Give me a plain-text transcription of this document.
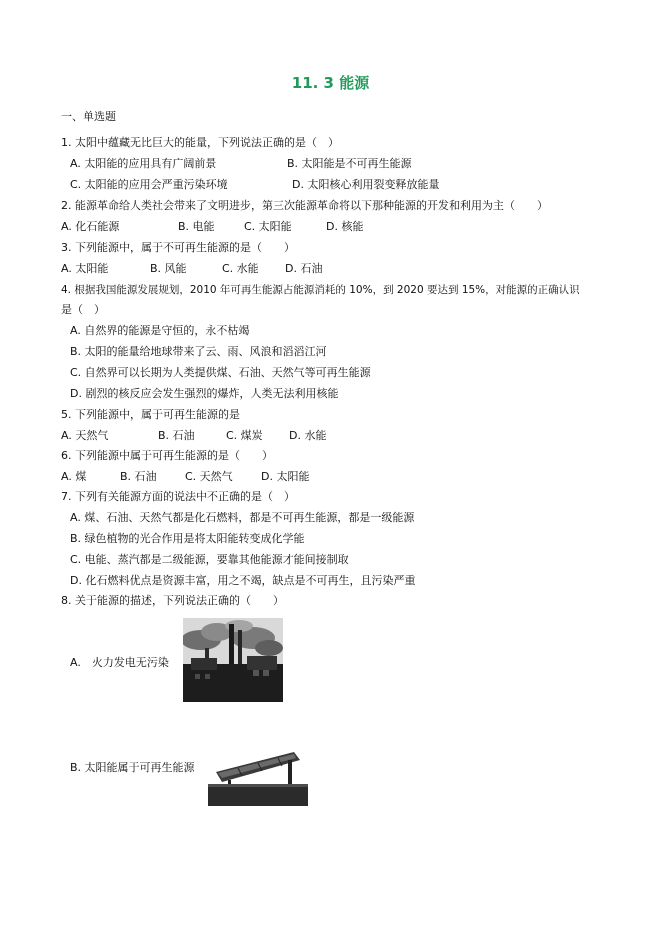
11. 3 能源
一、单选题
1. 太阳中蕴藏无比巨大的能量，下列说法正确的是（　）
A. 太阳能的应用具有广阔前景	B. 太阳能是不可再生能源
C. 太阳能的应用会严重污染环境	D. 太阳核心利用裂变释放能量
2. 能源革命给人类社会带来了文明进步，第三次能源革命将以下那种能源的开发和利用为主（　　）
A. 化石能源	B. 电能	C. 太阳能	D. 核能
3. 下列能源中，属于不可再生能源的是（　　）
A. 太阳能	B. 风能	C. 水能 D. 石油
4. 根据我国能源发展规划，2010 年可再生能源占能源消耗的 10%，到 2020 要达到 15%，对能源的正确认识
是（　）
A. 自然界的能源是守恒的，永不枯竭
B. 太阳的能量给地球带来了云、雨、风浪和滔滔江河
C. 自然界可以长期为人类提供煤、石油、天然气等可再生能源
D. 剧烈的核反应会发生强烈的爆炸，人类无法利用核能
5. 下列能源中，属于可再生能源的是
A. 天然气	B. 石油	C. 煤炭 D. 水能
6. 下列能源中属于可再生能源的是（　　）
A. 煤	B. 石油	C. 天然气	D. 太阳能
7. 下列有关能源方面的说法中不正确的是（　）
A. 煤、石油、天然气都是化石燃料，都是不可再生能源，都是一级能源
B. 绿色植物的光合作用是将太阳能转变成化学能
C. 电能、蒸汽都是二级能源，要靠其他能源才能间接制取
D. 化石燃料优点是资源丰富，用之不竭，缺点是不可再生，且污染严重
8. 关于能源的描述，下列说法正确的（　　）
A.　火力发电无污染
B. 太阳能属于可再生能源
